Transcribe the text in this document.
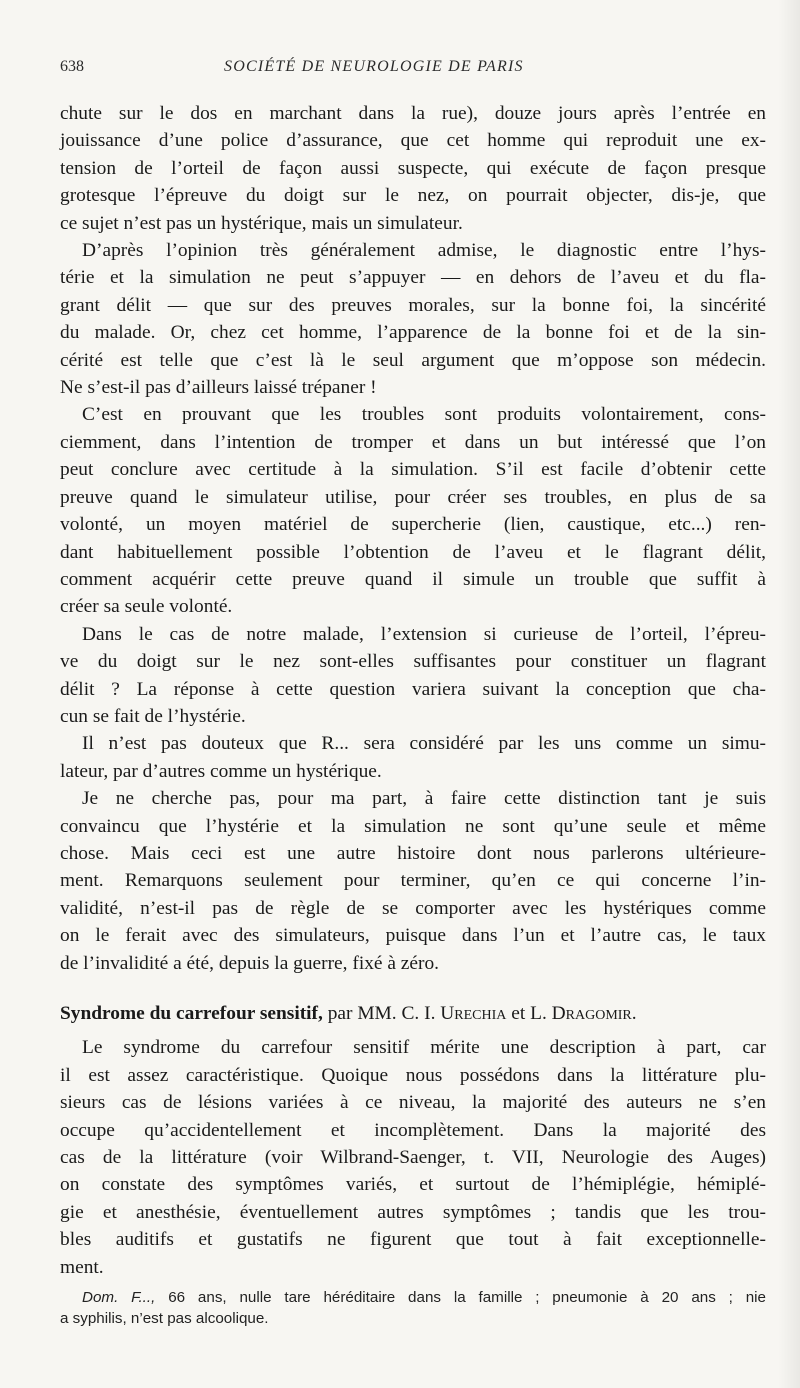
638	SOCIÉTÉ DE NEUROLOGIE DE PARIS
chute sur le dos en marchant dans la rue), douze jours après l’entrée en
jouissance d’une police d’assurance, que cet homme qui reproduit une ex-
tension de l’orteil de façon aussi suspecte, qui exécute de façon presque
grotesque l’épreuve du doigt sur le nez, on pourrait objecter, dis-je, que
ce sujet n’est pas un hystérique, mais un simulateur.
D’après l’opinion très généralement admise, le diagnostic entre l’hys-
térie et la simulation ne peut s’appuyer — en dehors de l’aveu et du fla-
grant délit — que sur des preuves morales, sur la bonne foi, la sincérité
du malade. Or, chez cet homme, l’apparence de la bonne foi et de la sin-
cérité est telle que c’est là le seul argument que m’oppose son médecin.
Ne s’est-il pas d’ailleurs laissé trépaner !
C’est en prouvant que les troubles sont produits volontairement, cons-
ciemment, dans l’intention de tromper et dans un but intéressé que l’on
peut conclure avec certitude à la simulation. S’il est facile d’obtenir cette
preuve quand le simulateur utilise, pour créer ses troubles, en plus de sa
volonté, un moyen matériel de supercherie (lien, caustique, etc...) ren-
dant habituellement possible l’obtention de l’aveu et le flagrant délit,
comment acquérir cette preuve quand il simule un trouble que suffit à
créer sa seule volonté.
Dans le cas de notre malade, l’extension si curieuse de l’orteil, l’épreu-
ve du doigt sur le nez sont-elles suffisantes pour constituer un flagrant
délit ? La réponse à cette question variera suivant la conception que cha-
cun se fait de l’hystérie.
Il n’est pas douteux que R... sera considéré par les uns comme un simu-
lateur, par d’autres comme un hystérique.
Je ne cherche pas, pour ma part, à faire cette distinction tant je suis
convaincu que l’hystérie et la simulation ne sont qu’une seule et même
chose. Mais ceci est une autre histoire dont nous parlerons ultérieure-
ment. Remarquons seulement pour terminer, qu’en ce qui concerne l’in-
validité, n’est-il pas de règle de se comporter avec les hystériques comme
on le ferait avec des simulateurs, puisque dans l’un et l’autre cas, le taux
de l’invalidité a été, depuis la guerre, fixé à zéro.
Syndrome du carrefour sensitif, par MM. C. I. Urechia et L. Dragomir.
Le syndrome du carrefour sensitif mérite une description à part, car
il est assez caractéristique. Quoique nous possédons dans la littérature plu-
sieurs cas de lésions variées à ce niveau, la majorité des auteurs ne s’en
occupe qu’accidentellement et incomplètement. Dans la majorité des
cas de la littérature (voir Wilbrand-Saenger, t. VII, Neurologie des Auges)
on constate des symptômes variés, et surtout de l’hémiplégie, hémiplé-
gie et anesthésie, éventuellement autres symptômes ; tandis que les trou-
bles auditifs et gustatifs ne figurent que tout à fait exceptionnelle-
ment.
Dom. F..., 66 ans, nulle tare héréditaire dans la famille ; pneumonie à 20 ans ; nie
a syphilis, n’est pas alcoolique.
